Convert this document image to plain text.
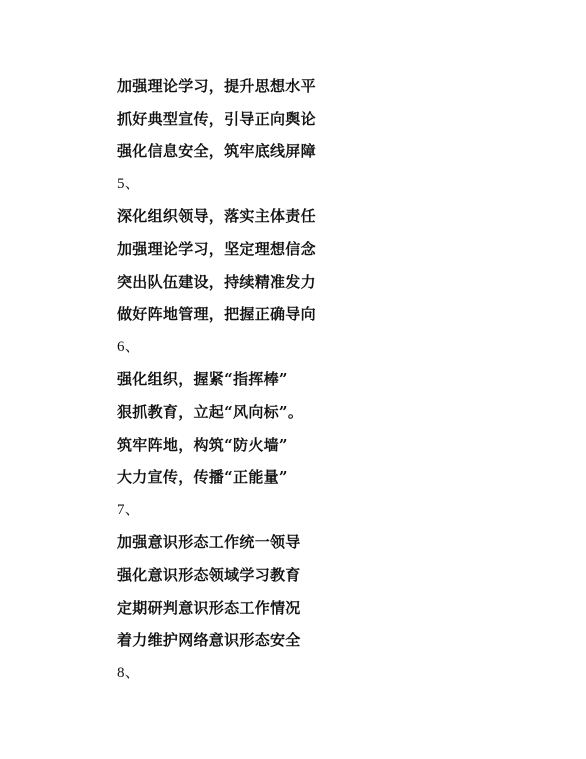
加强理论学习，提升思想水平
抓好典型宣传，引导正向舆论
强化信息安全，筑牢底线屏障
5、
深化组织领导，落实主体责任
加强理论学习，坚定理想信念
突出队伍建设，持续精准发力
做好阵地管理，把握正确导向
6、
强化组织，握紧“指挥棒”
狠抓教育，立起“风向标”。
筑牢阵地，构筑“防火墙”
大力宣传，传播“正能量”
7、
加强意识形态工作统一领导
强化意识形态领域学习教育
定期研判意识形态工作情况
着力维护网络意识形态安全
8、
